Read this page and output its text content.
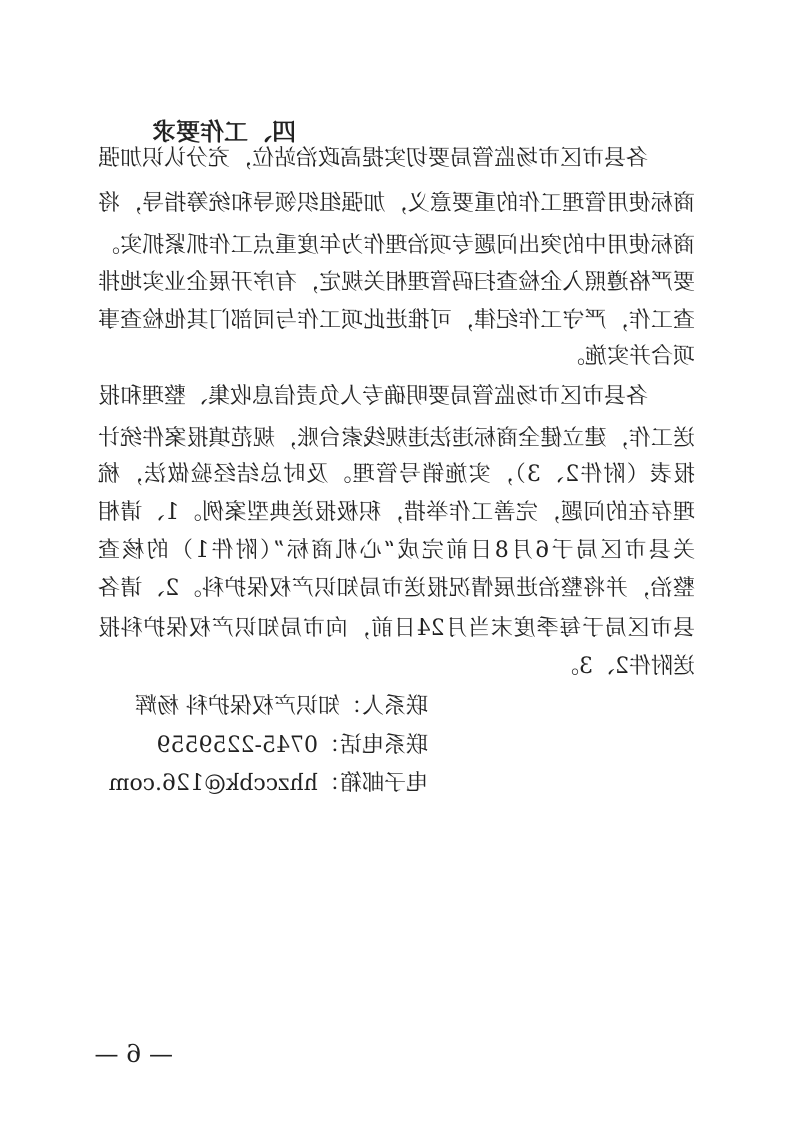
四、工作要求
各县市区市场监管局要切实提高政治站位，充分认识加强
商标使用管理工作的重要意义，加强组织领导和统筹指导，将
商标使用中的突出问题专项治理作为年度重点工作抓紧抓实。
要严格遵照入企检查扫码管理相关规定，有序开展企业实地排
查工作，严守工作纪律，可推进此项工作与同部门其他检查事
项合并实施。
各县市区市场监管局要明确专人负责信息收集、整理和报
送工作，建立健全商标违法违规线索台账，规范填报案件统计
报表（附件2、3），实施销号管理。及时总结经验做法，梳
理存在的问题，完善工作举措，积极报送典型案例。1、请相
关县市区局于6月8日前完成“心机商标”（附件1）的核查
整治，并将整治进展情况报送市局知识产权保护科。2、请各
县市区局于每季度末当月24日前，向市局知识产权保护科报
送附件2、3。
联系人：知识产权保护科 杨辉
联系电话：0745-2259559
电子邮箱：hhzccbk@126.com
— 6 —
